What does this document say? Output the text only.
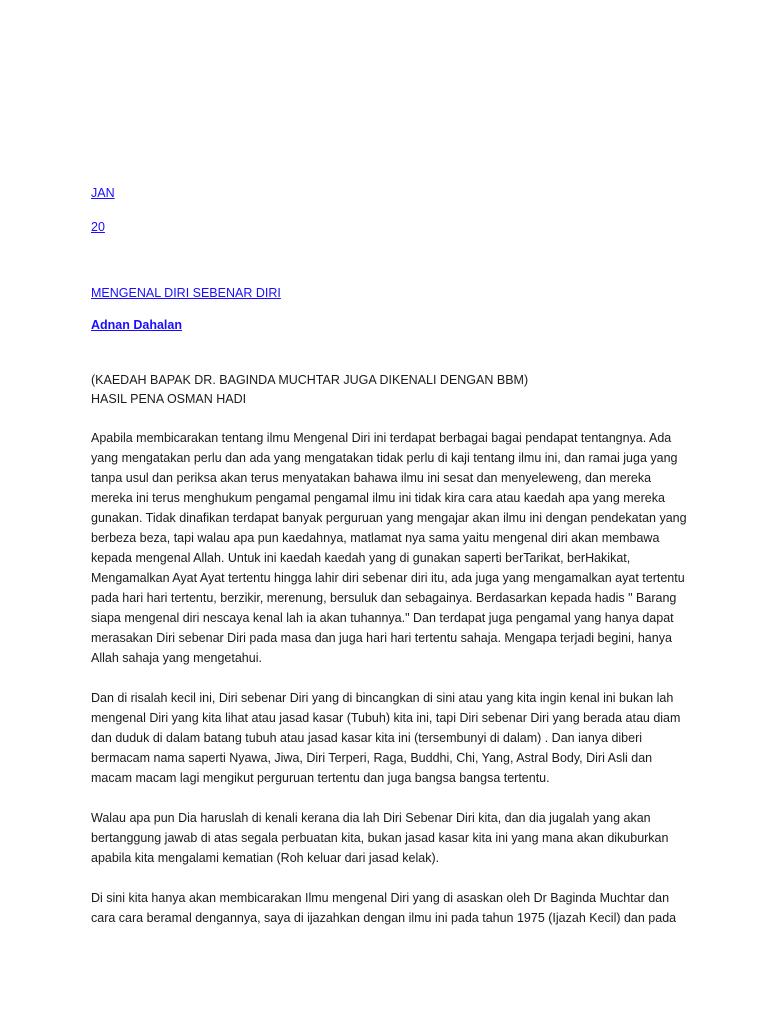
JAN
20
MENGENAL DIRI SEBENAR DIRI
Adnan Dahalan
(KAEDAH BAPAK DR. BAGINDA MUCHTAR JUGA DIKENALI DENGAN BBM)
HASIL PENA OSMAN HADI

Apabila membicarakan tentang ilmu Mengenal Diri ini terdapat berbagai bagai pendapat tentangnya. Ada yang mengatakan perlu dan ada yang mengatakan tidak perlu di kaji tentang ilmu ini, dan ramai juga yang tanpa usul dan periksa akan terus menyatakan bahawa ilmu ini sesat dan menyeleweng, dan mereka mereka ini terus menghukum pengamal pengamal ilmu ini tidak kira cara atau kaedah apa yang mereka gunakan. Tidak dinafikan terdapat banyak perguruan yang mengajar akan ilmu ini dengan pendekatan yang berbeza beza, tapi walau apa pun kaedahnya, matlamat nya sama yaitu mengenal diri akan membawa kepada mengenal Allah. Untuk ini kaedah kaedah yang di gunakan saperti berTarikat, berHakikat, Mengamalkan Ayat Ayat tertentu hingga lahir diri sebenar diri itu, ada juga yang mengamalkan ayat tertentu pada hari hari tertentu, berzikir, merenung, bersuluk dan sebagainya. Berdasarkan kepada hadis " Barang siapa mengenal diri nescaya kenal lah ia akan tuhannya." Dan terdapat juga pengamal yang hanya dapat merasakan Diri sebenar Diri pada masa dan juga hari hari tertentu sahaja. Mengapa terjadi begini, hanya Allah sahaja yang mengetahui.

Dan di risalah kecil ini, Diri sebenar Diri yang di bincangkan di sini atau yang kita ingin kenal ini bukan lah mengenal Diri yang kita lihat atau jasad kasar (Tubuh) kita ini, tapi Diri sebenar Diri yang berada atau diam dan duduk di dalam batang tubuh atau jasad kasar kita ini (tersembunyi di dalam) . Dan ianya diberi bermacam nama saperti Nyawa, Jiwa, Diri Terperi, Raga, Buddhi, Chi, Yang, Astral Body, Diri Asli dan macam macam lagi mengikut perguruan tertentu dan juga bangsa bangsa tertentu.

Walau apa pun Dia haruslah di kenali kerana dia lah Diri Sebenar Diri kita, dan dia jugalah yang akan bertanggung jawab di atas segala perbuatan kita, bukan jasad kasar kita ini yang mana akan dikuburkan apabila kita mengalami kematian (Roh keluar dari jasad kelak).

Di sini kita hanya akan membicarakan Ilmu mengenal Diri yang di asaskan oleh Dr Baginda Muchtar dan cara cara beramal dengannya, saya di ijazahkan dengan ilmu ini pada tahun 1975 (Ijazah Kecil) dan pada
